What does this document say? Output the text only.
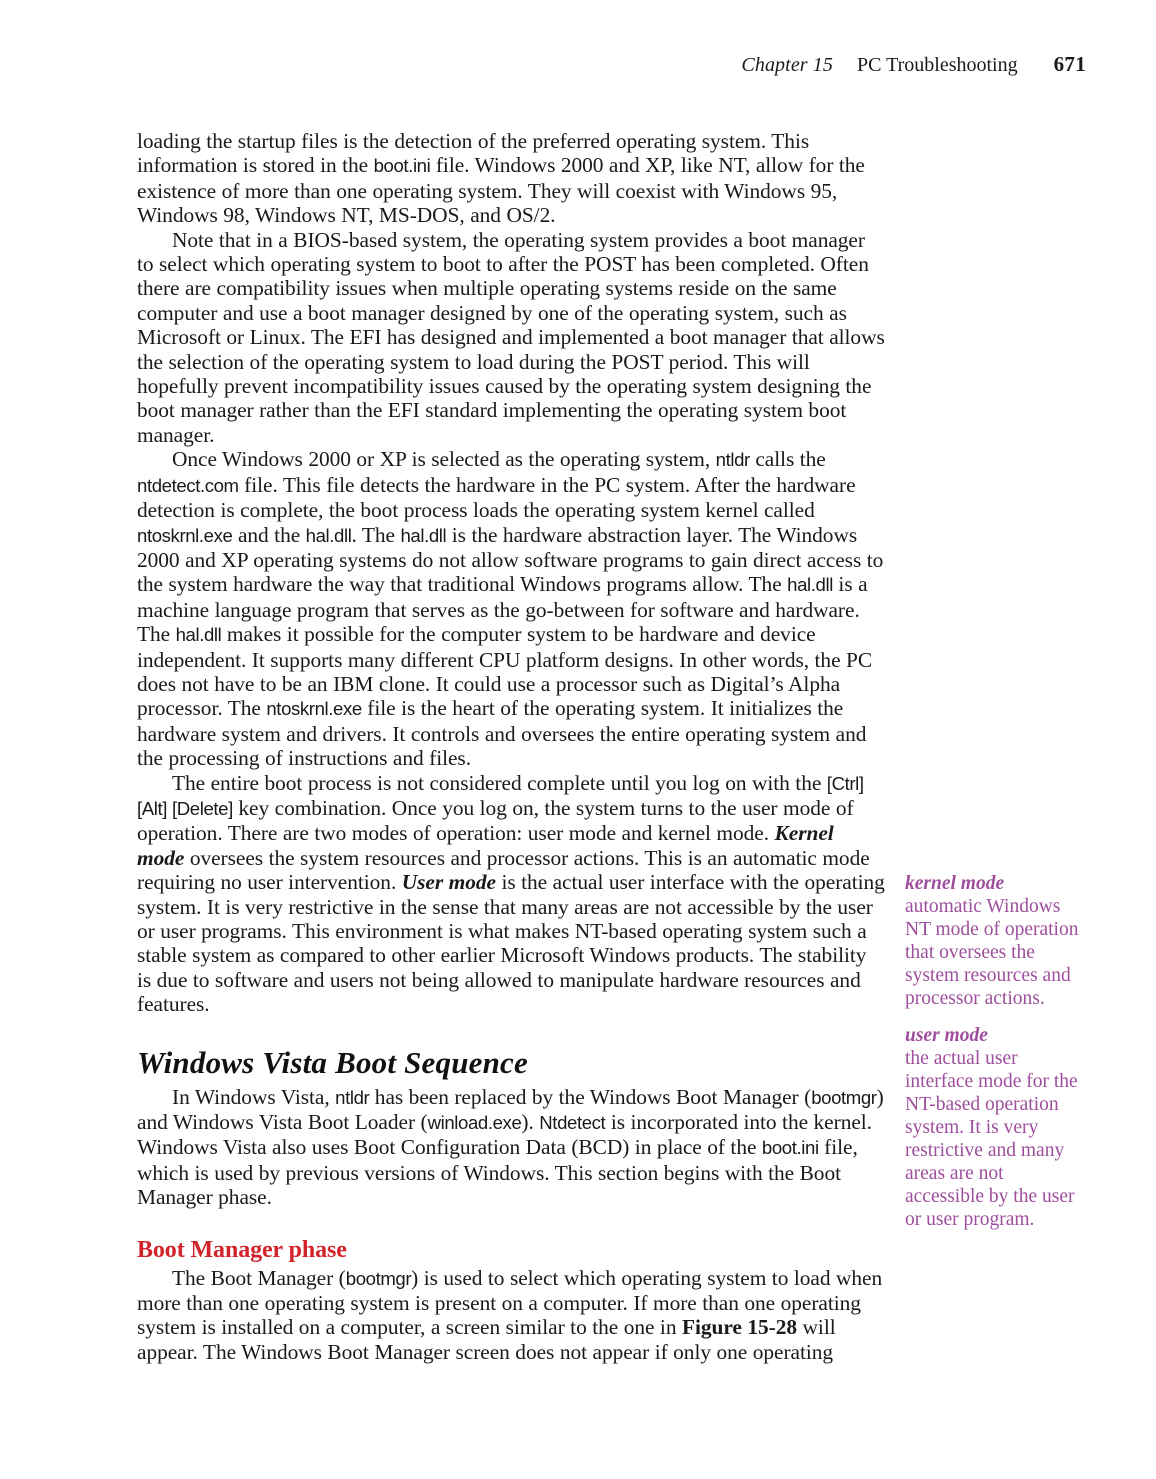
Chapter 15 PC Troubleshooting 671

loading the startup files is the detection of the preferred operating system. This information is stored in the boot.ini file. Windows 2000 and XP, like NT, allow for the existence of more than one operating system. They will coexist with Windows 95, Windows 98, Windows NT, MS-DOS, and OS/2.

Note that in a BIOS-based system, the operating system provides a boot manager to select which operating system to boot to after the POST has been completed. Often there are compatibility issues when multiple operating systems reside on the same computer and use a boot manager designed by one of the operating system, such as Microsoft or Linux. The EFI has designed and implemented a boot manager that allows the selection of the operating system to load during the POST period. This will hopefully prevent incompatibility issues caused by the operating system designing the boot manager rather than the EFI standard implementing the operating system boot manager.

Once Windows 2000 or XP is selected as the operating system, ntldr calls the ntdetect.com file. This file detects the hardware in the PC system. After the hardware detection is complete, the boot process loads the operating system kernel called ntoskrnl.exe and the hal.dll. The hal.dll is the hardware abstraction layer. The Windows 2000 and XP operating systems do not allow software programs to gain direct access to the system hardware the way that traditional Windows programs allow. The hal.dll is a machine language program that serves as the go-between for software and hardware. The hal.dll makes it possible for the computer system to be hardware and device independent. It supports many different CPU platform designs. In other words, the PC does not have to be an IBM clone. It could use a processor such as Digital’s Alpha processor. The ntoskrnl.exe file is the heart of the operating system. It initializes the hardware system and drivers. It controls and oversees the entire operating system and the processing of instructions and files.

The entire boot process is not considered complete until you log on with the [Ctrl] [Alt] [Delete] key combination. Once you log on, the system turns to the user mode of operation. There are two modes of operation: user mode and kernel mode. Kernel mode oversees the system resources and processor actions. This is an automatic mode requiring no user intervention. User mode is the actual user interface with the operating system. It is very restrictive in the sense that many areas are not accessible by the user or user programs. This environment is what makes NT-based operating system such a stable system as compared to other earlier Microsoft Windows products. The stability is due to software and users not being allowed to manipulate hardware resources and features.

Windows Vista Boot Sequence

In Windows Vista, ntldr has been replaced by the Windows Boot Manager (bootmgr) and Windows Vista Boot Loader (winload.exe). Ntdetect is incorporated into the kernel. Windows Vista also uses Boot Configuration Data (BCD) in place of the boot.ini file, which is used by previous versions of Windows. This section begins with the Boot Manager phase.

Boot Manager phase

The Boot Manager (bootmgr) is used to select which operating system to load when more than one operating system is present on a computer. If more than one operating system is installed on a computer, a screen similar to the one in Figure 15-28 will appear. The Windows Boot Manager screen does not appear if only one operating

kernel mode
automatic Windows NT mode of operation that oversees the system resources and processor actions.
user mode
the actual user interface mode for the NT-based operation system. It is very restrictive and many areas are not accessible by the user or user program.
